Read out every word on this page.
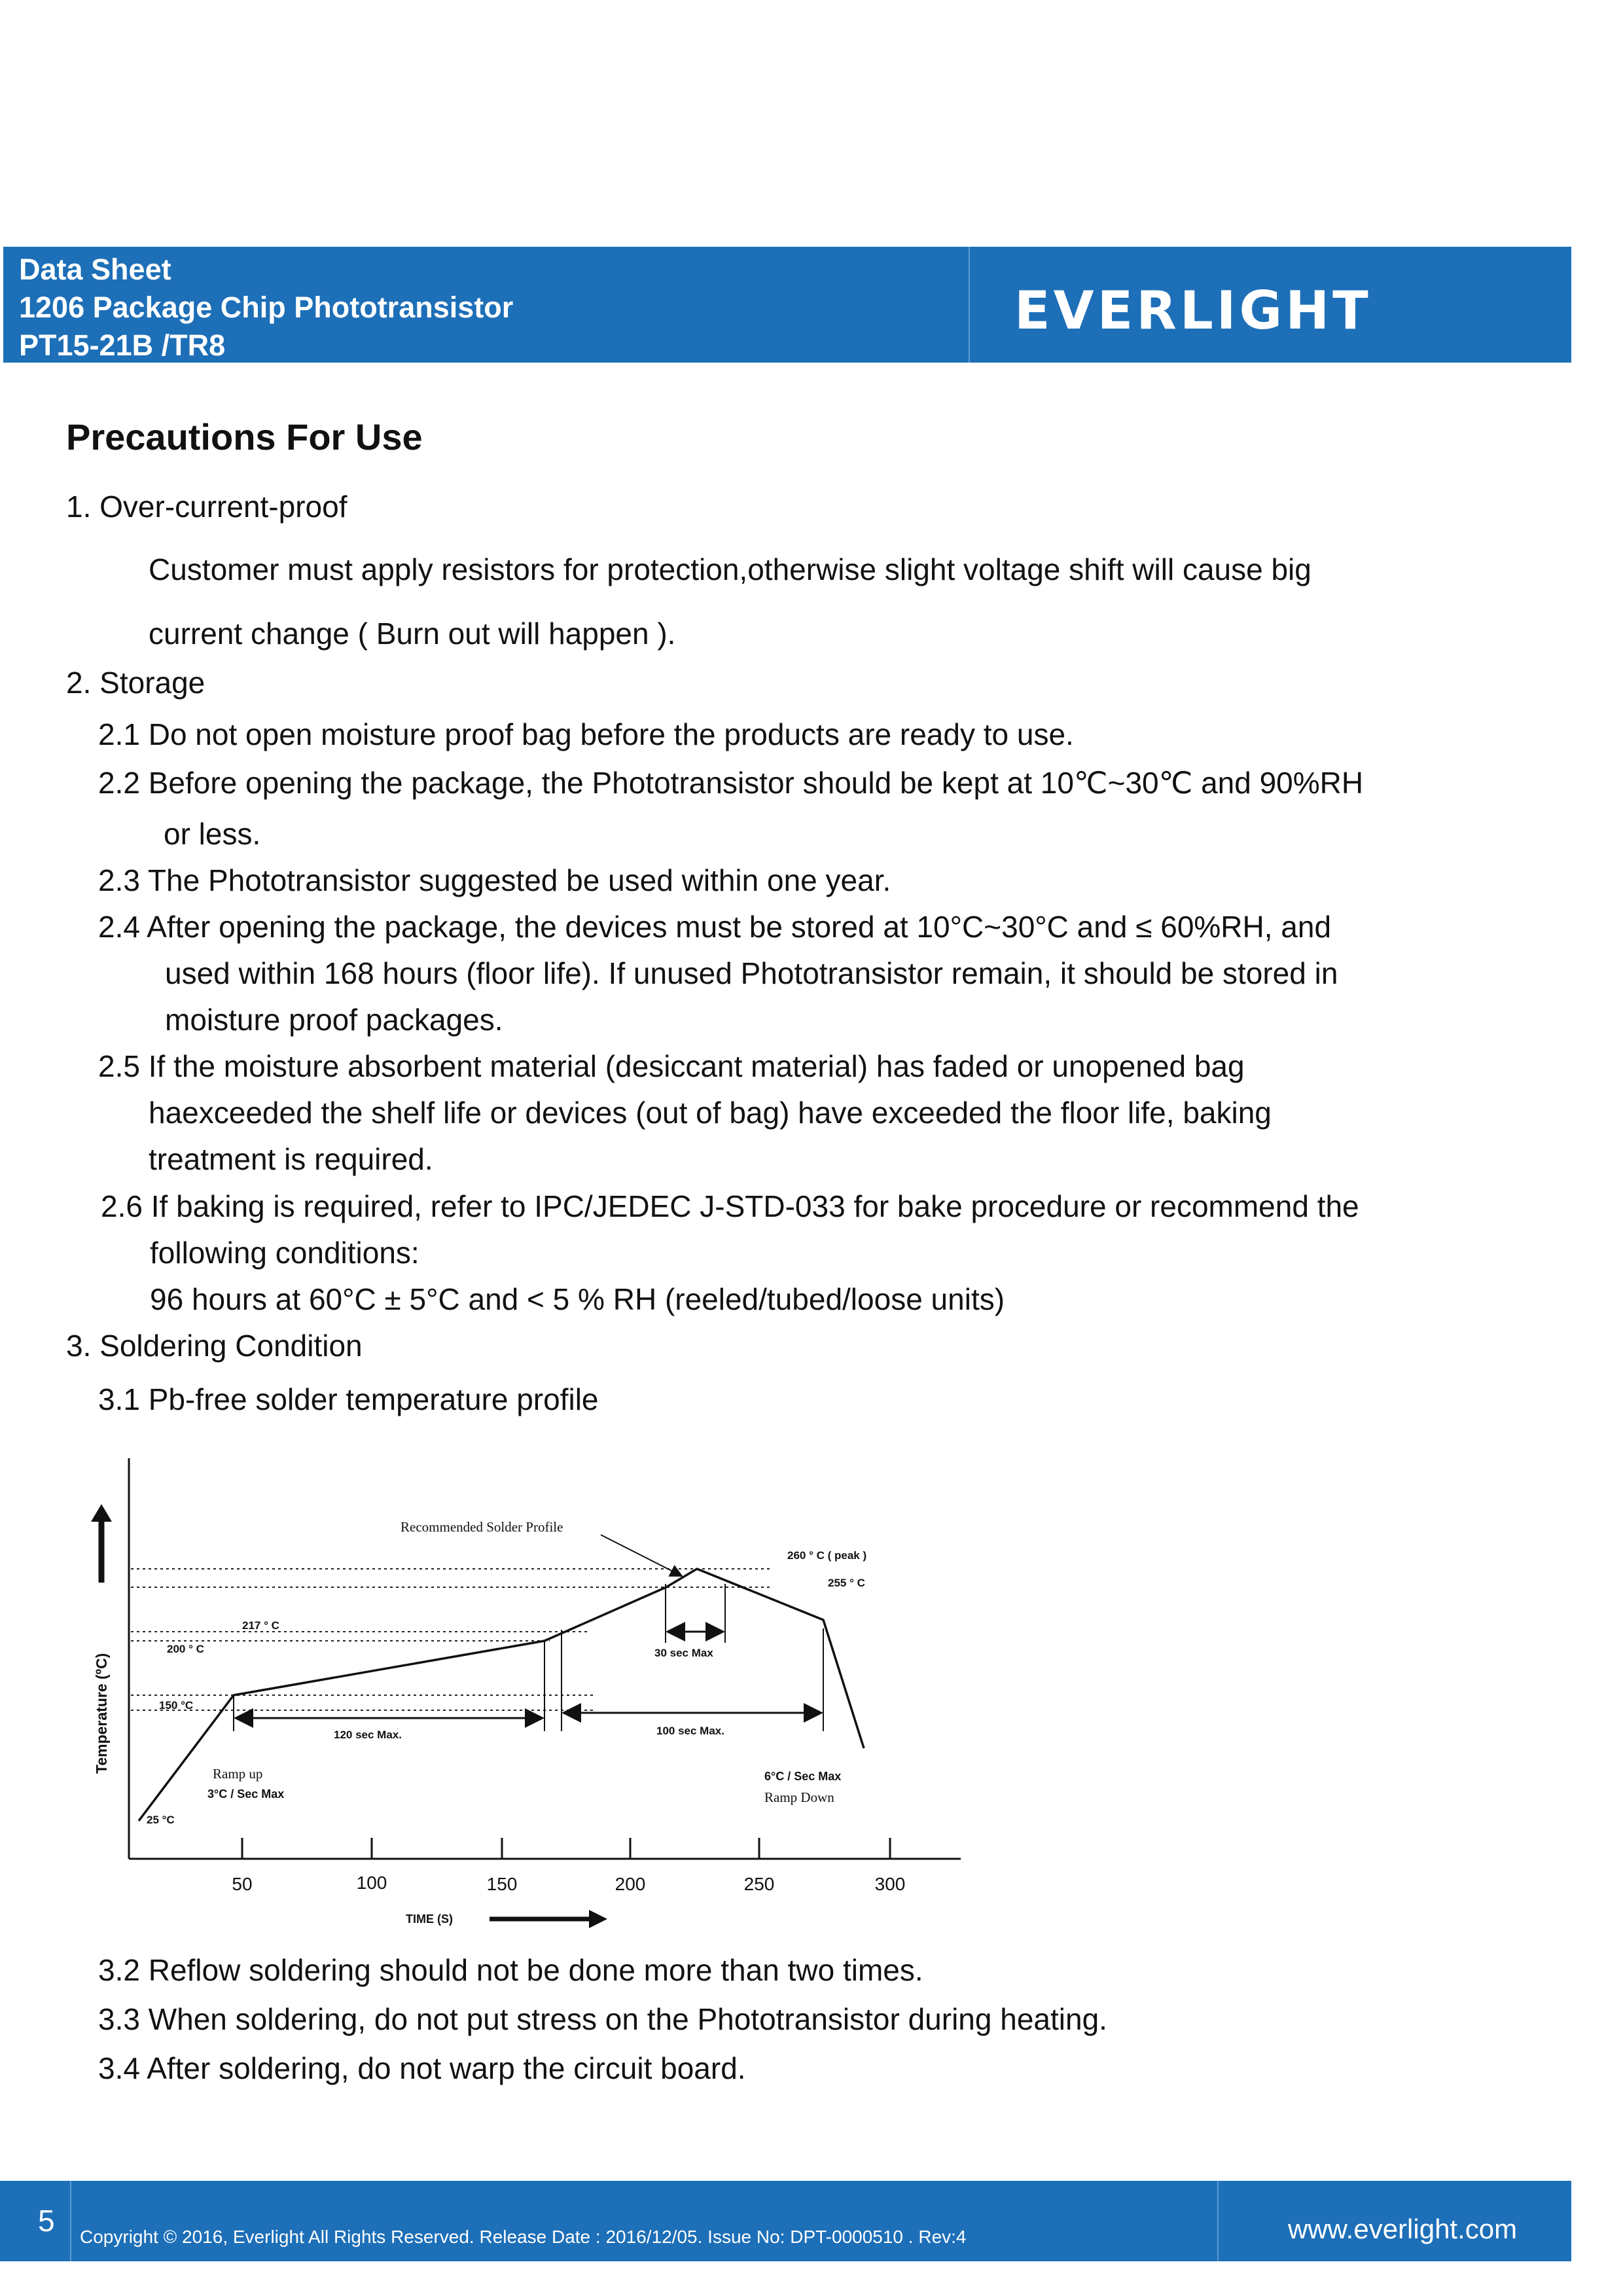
Data Sheet
1206 Package Chip Phototransistor
PT15-21B /TR8
EVERLIGHT
Precautions For Use
1. Over-current-proof
Customer must apply resistors for protection,otherwise slight voltage shift will cause big
current change ( Burn out will happen ).
2. Storage
2.1 Do not open moisture proof bag before the products are ready to use.
2.2 Before opening the package, the Phototransistor should be kept at 10℃~30℃ and 90%RH
or less.
2.3 The Phototransistor suggested be used within one year.
2.4 After opening the package, the devices must be stored at 10°C~30°C and ≤ 60%RH, and
used within 168 hours (floor life). If unused Phototransistor remain, it should be stored in
moisture proof packages.
2.5 If the moisture absorbent material (desiccant material) has faded or unopened bag
haexceeded the shelf life or devices (out of bag) have exceeded the floor life, baking
treatment is required.
2.6 If baking is required, refer to IPC/JEDEC J-STD-033 for bake procedure or recommend the
following conditions:
96 hours at 60°C ± 5°C and < 5 % RH (reeled/tubed/loose units)
3. Soldering Condition
3.1 Pb-free solder temperature profile
3.2 Reflow soldering should not be done more than two times.
3.3 When soldering, do not put stress on the Phototransistor during heating.
3.4 After soldering, do not warp the circuit board.
Temperature (ºC)
Recommended Solder Profile
260 ° C ( peak )
255 ° C
217 ° C
200 ° C
150 °C
25 °C
30 sec Max
120 sec Max.	100 sec Max.
Ramp up
3°C / Sec Max
6°C / Sec Max
Ramp Down
50	100	150	200	250	300
TIME (S)
5 Copyright © 2016, Everlight All Rights Reserved. Release Date : 2016/12/05. Issue No: DPT-0000510 . Rev:4	www.everlight.com
